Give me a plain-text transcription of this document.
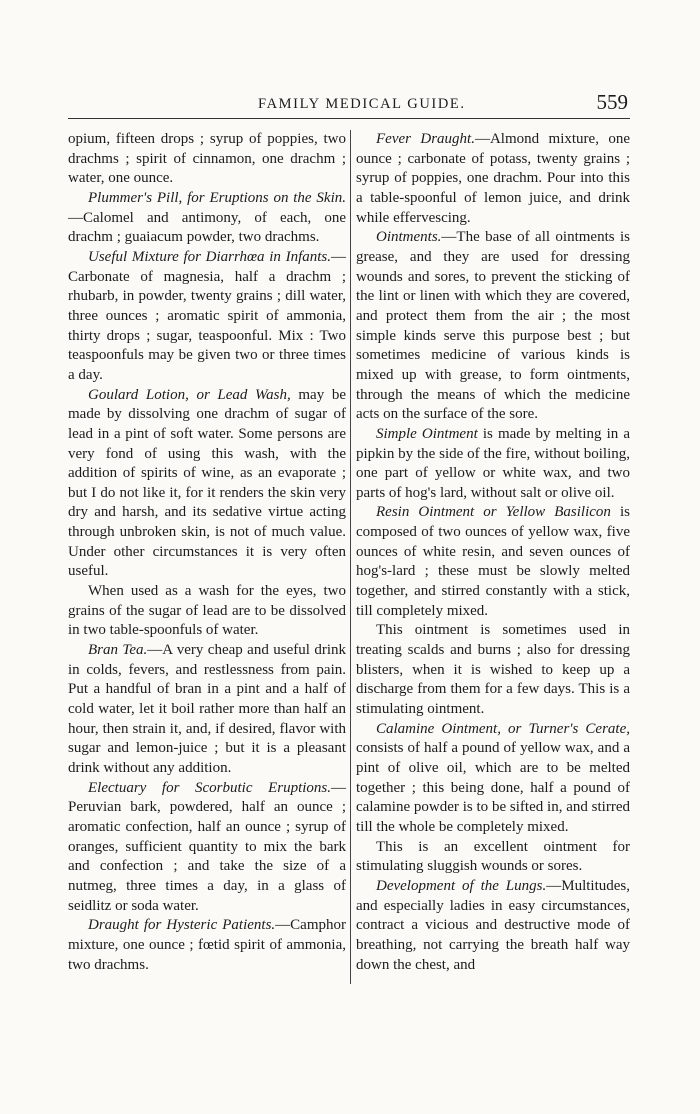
FAMILY MEDICAL GUIDE.	559

opium, fifteen drops ; syrup of poppies, two drachms ; spirit of cinnamon, one drachm ; water, one ounce.

Plummer's Pill, for Eruptions on the Skin.—Calomel and antimony, of each, one drachm ; guaiacum powder, two drachms.

Useful Mixture for Diarrhœa in Infants.—Carbonate of magnesia, half a drachm ; rhubarb, in powder, twenty grains ; dill water, three ounces ; aromatic spirit of ammonia, thirty drops ; sugar, teaspoonful. Mix : Two teaspoonfuls may be given two or three times a day.

Goulard Lotion, or Lead Wash, may be made by dissolving one drachm of sugar of lead in a pint of soft water. Some persons are very fond of using this wash, with the addition of spirits of wine, as an evaporate ; but I do not like it, for it renders the skin very dry and harsh, and its sedative virtue acting through unbroken skin, is not of much value. Under other circumstances it is very often useful.

When used as a wash for the eyes, two grains of the sugar of lead are to be dissolved in two table-spoonfuls of water.

Bran Tea.—A very cheap and useful drink in colds, fevers, and restlessness from pain. Put a handful of bran in a pint and a half of cold water, let it boil rather more than half an hour, then strain it, and, if desired, flavor with sugar and lemon-juice ; but it is a pleasant drink without any addition.

Electuary for Scorbutic Eruptions.—Peruvian bark, powdered, half an ounce ; aromatic confection, half an ounce ; syrup of oranges, sufficient quantity to mix the bark and confection ; and take the size of a nutmeg, three times a day, in a glass of seidlitz or soda water.

Draught for Hysteric Patients.—Camphor mixture, one ounce ; fœtid spirit of ammonia, two drachms.

Fever Draught.—Almond mixture, one ounce ; carbonate of potass, twenty grains ; syrup of poppies, one drachm. Pour into this a table-spoonful of lemon juice, and drink while effervescing.

Ointments.—The base of all ointments is grease, and they are used for dressing wounds and sores, to prevent the sticking of the lint or linen with which they are covered, and protect them from the air ; the most simple kinds serve this purpose best ; but sometimes medicine of various kinds is mixed up with grease, to form ointments, through the means of which the medicine acts on the surface of the sore.

Simple Ointment is made by melting in a pipkin by the side of the fire, without boiling, one part of yellow or white wax, and two parts of hog's lard, without salt or olive oil.

Resin Ointment or Yellow Basilicon is composed of two ounces of yellow wax, five ounces of white resin, and seven ounces of hog's-lard ; these must be slowly melted together, and stirred constantly with a stick, till completely mixed.

This ointment is sometimes used in treating scalds and burns ; also for dressing blisters, when it is wished to keep up a discharge from them for a few days. This is a stimulating ointment.

Calamine Ointment, or Turner's Cerate, consists of half a pound of yellow wax, and a pint of olive oil, which are to be melted together ; this being done, half a pound of calamine powder is to be sifted in, and stirred till the whole be completely mixed.

This is an excellent ointment for stimulating sluggish wounds or sores.

Development of the Lungs.—Multitudes, and especially ladies in easy circumstances, contract a vicious and destructive mode of breathing, not carrying the breath half way down the chest, and
